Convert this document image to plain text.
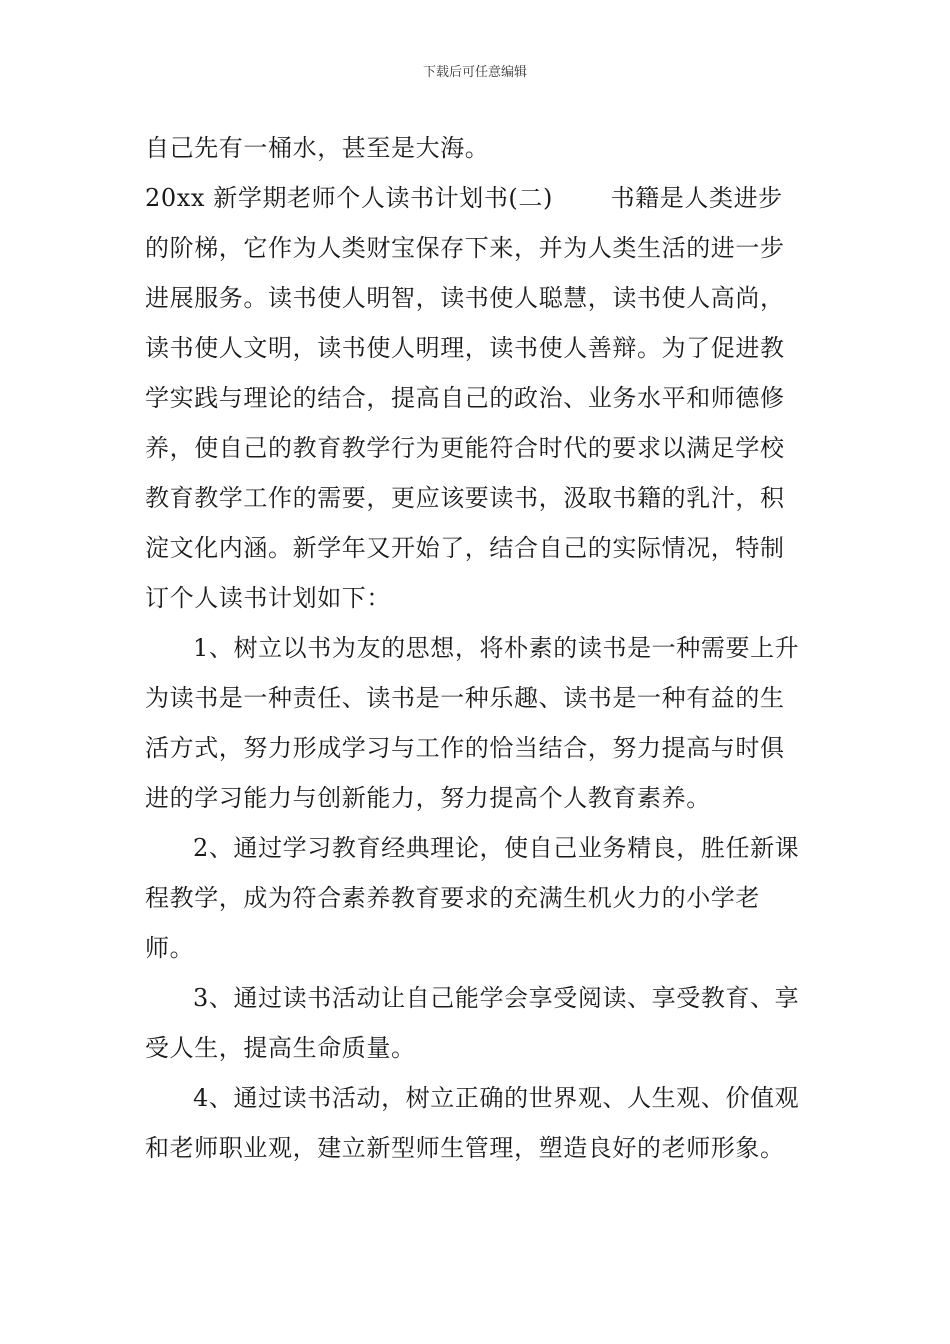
下载后可任意编辑

自己先有一桶水，甚至是大海。

20xx 新学期老师个人读书计划书(二)       书籍是人类进步的阶梯，它作为人类财宝保存下来，并为人类生活的进一步进展服务。读书使人明智，读书使人聪慧，读书使人高尚，读书使人文明，读书使人明理，读书使人善辩。为了促进教学实践与理论的结合，提高自己的政治、业务水平和师德修养，使自己的教育教学行为更能符合时代的要求以满足学校教育教学工作的需要，更应该要读书，汲取书籍的乳汁，积淀文化内涵。新学年又开始了，结合自己的实际情况，特制订个人读书计划如下：

1、树立以书为友的思想，将朴素的读书是一种需要上升为读书是一种责任、读书是一种乐趣、读书是一种有益的生活方式，努力形成学习与工作的恰当结合，努力提高与时俱进的学习能力与创新能力，努力提高个人教育素养。

2、通过学习教育经典理论，使自己业务精良，胜任新课程教学，成为符合素养教育要求的充满生机火力的小学老师。

3、通过读书活动让自己能学会享受阅读、享受教育、享受人生，提高生命质量。

4、通过读书活动，树立正确的世界观、人生观、价值观和老师职业观，建立新型师生管理，塑造良好的老师形象。
